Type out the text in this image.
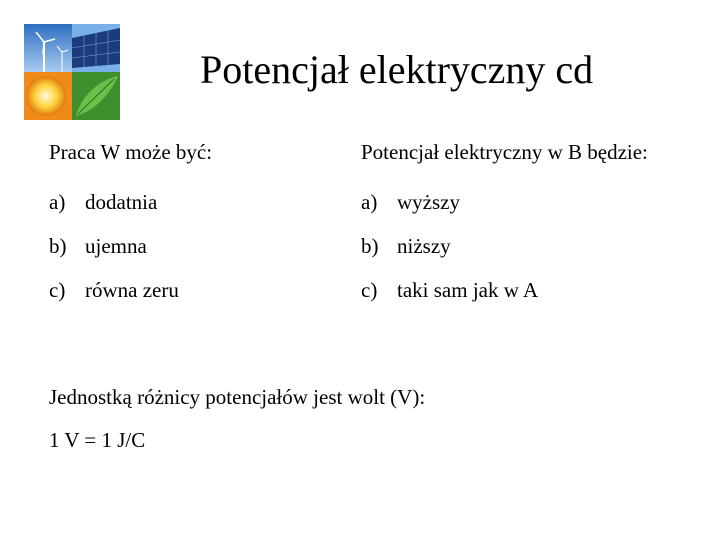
Potencjał elektryczny cd
Praca W może być:
a) dodatnia
b) ujemna
c) równa zeru
Potencjał elektryczny w B będzie:
a) wyższy
b) niższy
c) taki sam jak w A
Jednostką różnicy potencjałów jest wolt (V):
1 V = 1 J/C
